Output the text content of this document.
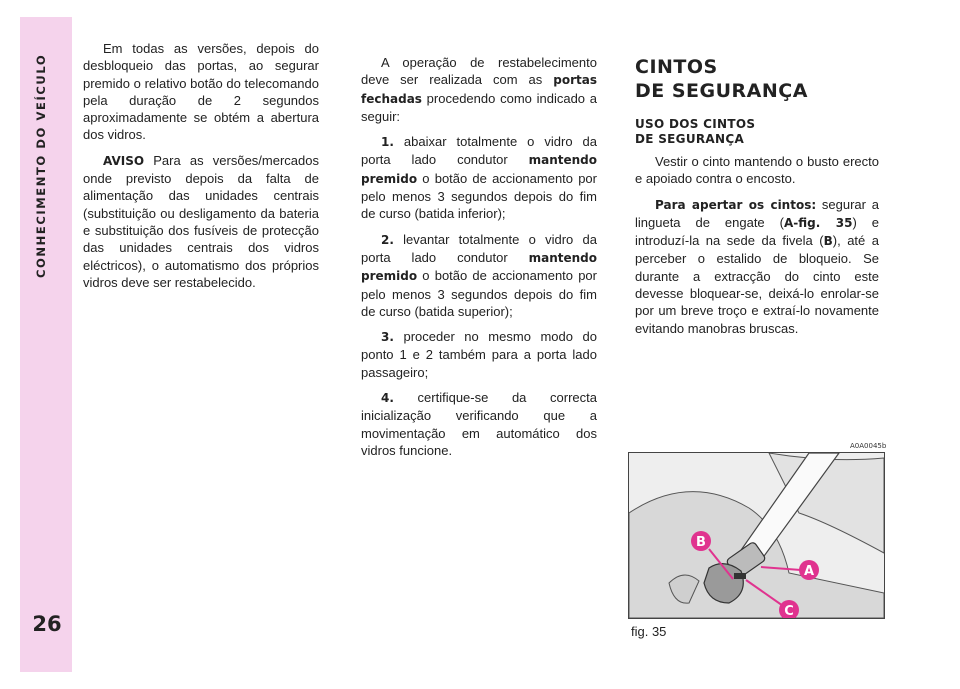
CONHECIMENTO DO VEÍCULO
26

Em todas as versões, depois do desbloqueio das portas, ao segurar premido o relativo botão do telecomando pela duração de 2 segundos aproximadamente se obtém a abertura dos vidros.

AVISO Para as versões/mercados onde previsto depois da falta de alimentação das unidades centrais (substituição ou desligamento da bateria e substituição dos fusíveis de protecção das unidades centrais dos vidros eléctricos), o automatismo dos próprios vidros deve ser restabelecido.

A operação de restabelecimento deve ser realizada com as portas fechadas procedendo como indicado a seguir:

1. abaixar totalmente o vidro da porta lado condutor mantendo premido o botão de accionamento por pelo menos 3 segundos depois do fim de curso (batida inferior);

2. levantar totalmente o vidro da porta lado condutor mantendo premido o botão de accionamento por pelo menos 3 segundos depois do fim de curso (batida superior);

3. proceder no mesmo modo do ponto 1 e 2 também para a porta lado passageiro;

4. certifique-se da correcta inicialização verificando que a movimentação em automático dos vidros funcione.

CINTOS
DE SEGURANÇA
USO DOS CINTOS
DE SEGURANÇA

Vestir o cinto mantendo o busto erecto e apoiado contra o encosto.

Para apertar os cintos: segurar a lingueta de engate (A-fig. 35) e introduzí-la na sede da fivela (B), até a perceber o estalido de bloqueio. Se durante a extracção do cinto este devesse bloquear-se, deixá-lo enrolar-se por um breve troço e extraí-lo novamente evitando manobras bruscas.

A0A0045b
B
A
C
fig. 35
